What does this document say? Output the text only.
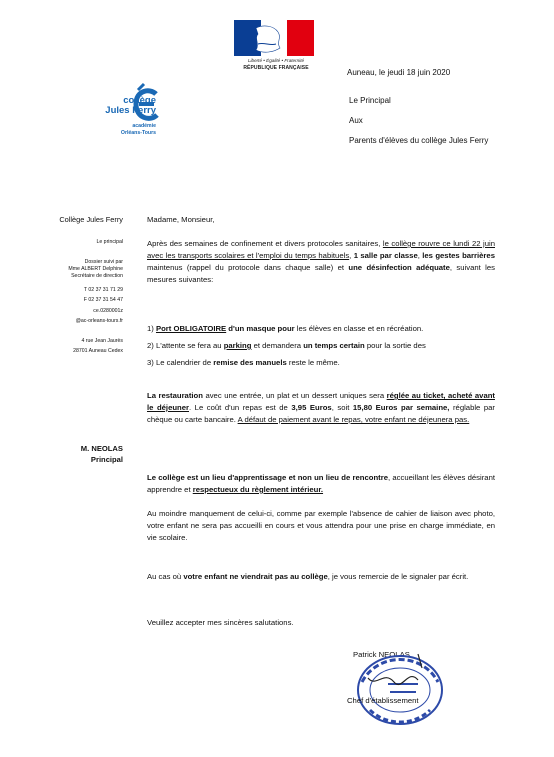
Liberté • Égalité • Fraternité
RÉPUBLIQUE FRANÇAISE
collège
Jules Ferry
académie
Orléans-Tours
Auneau, le jeudi 18 juin 2020
Le Principal
Aux
Parents d'élèves du collège Jules Ferry
Collège Jules Ferry
Le principal
Dossier suivi par
Mme ALBERT Delphine
Secrétaire de direction
T 02 37 31 71 29
F 02 37 31 54 47
ce.0280001z
@ac-orleans-tours.fr
4 rue Jean Jaurès
28701 Auneau Cedex
M. NEOLAS
Principal
Madame, Monsieur,

Après des semaines de confinement et divers protocoles sanitaires, le collège rouvre ce lundi 22 juin avec les transports scolaires et l'emploi du temps habituels, 1 salle par classe, les gestes barrières maintenus (rappel du protocole dans chaque salle) et une désinfection adéquate, suivant les mesures suivantes:

1) Port OBLIGATOIRE d'un masque pour les élèves en classe et en récréation.
2) L'attente se fera au parking et demandera un temps certain pour la sortie des
3) Le calendrier de remise des manuels reste le même.

La restauration avec une entrée, un plat et un dessert uniques sera réglée au ticket, acheté avant le déjeuner. Le coût d'un repas est de 3,95 Euros, soit 15,80 Euros par semaine, réglable par chèque ou carte bancaire. A défaut de paiement avant le repas, votre enfant ne déjeunera pas.

Le collège est un lieu d'apprentissage et non un lieu de rencontre, accueillant les élèves désirant apprendre et respectueux du règlement intérieur.

Au moindre manquement de celui-ci, comme par exemple l'absence de cahier de liaison avec photo, votre enfant ne sera pas accueilli en cours et vous attendra pour une prise en charge immédiate, en vie scolaire.

Au cas où votre enfant ne viendrait pas au collège, je vous remercie de le signaler par écrit.

Veuillez accepter mes sincères salutations.
Patrick NEOLAS
Chef d'établissement
